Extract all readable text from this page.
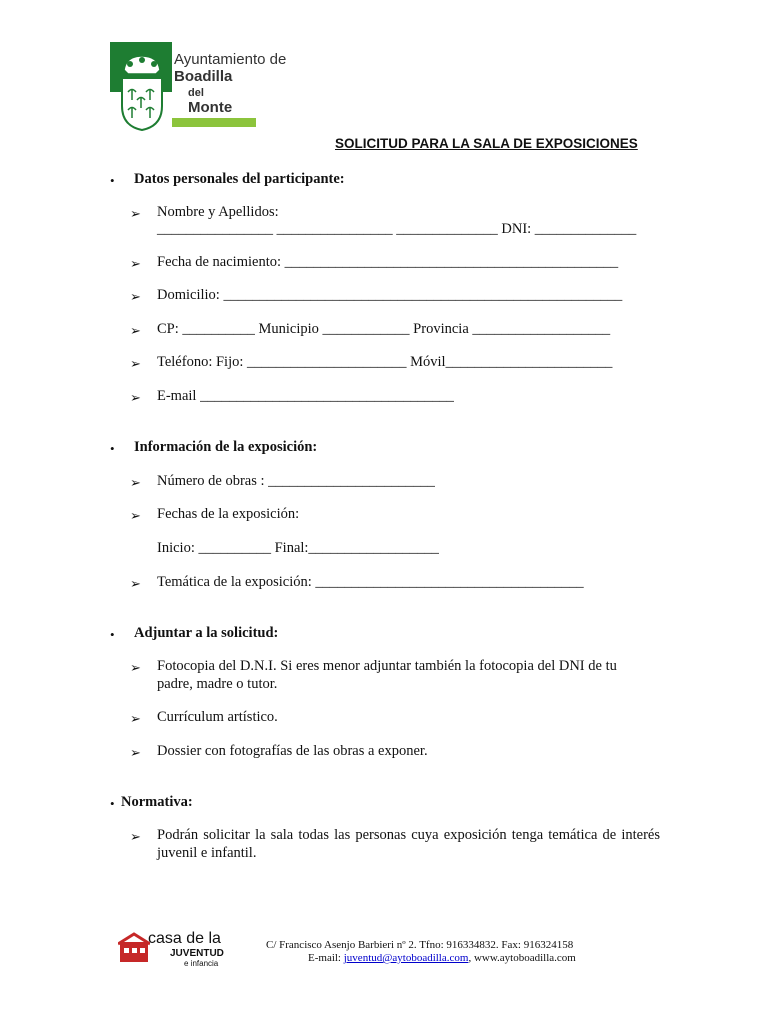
Ayuntamiento de
Boadilla
del
Monte
SOLICITUD PARA LA SALA DE EXPOSICIONES
• Datos personales del participante:
➢ Nombre y Apellidos:
________________ ________________ ______________ DNI: ______________
➢ Fecha de nacimiento: ______________________________________________
➢ Domicilio: _______________________________________________________
➢ CP: __________ Municipio ____________ Provincia ___________________
➢ Teléfono: Fijo: ______________________ Móvil_______________________
➢ E-mail ___________________________________
• Información de la exposición:
➢ Número de obras : _______________________
➢ Fechas de la exposición:
Inicio: __________ Final:__________________
➢ Temática de la exposición: _____________________________________
• Adjuntar a la solicitud:
➢ Fotocopia del D.N.I. Si eres menor adjuntar también la fotocopia del DNI de tu
padre, madre o tutor.
➢ Currículum artístico.
➢ Dossier con fotografías de las obras a exponer.
• Normativa:
➢ Podrán solicitar la sala todas las personas cuya exposición tenga temática de interés juvenil e infantil.
casa de la
JUVENTUD
e infancia
C/ Francisco Asenjo Barbieri nº 2. Tfno: 916334832. Fax: 916324158
E-mail: juventud@aytoboadilla.com, www.aytoboadilla.com
